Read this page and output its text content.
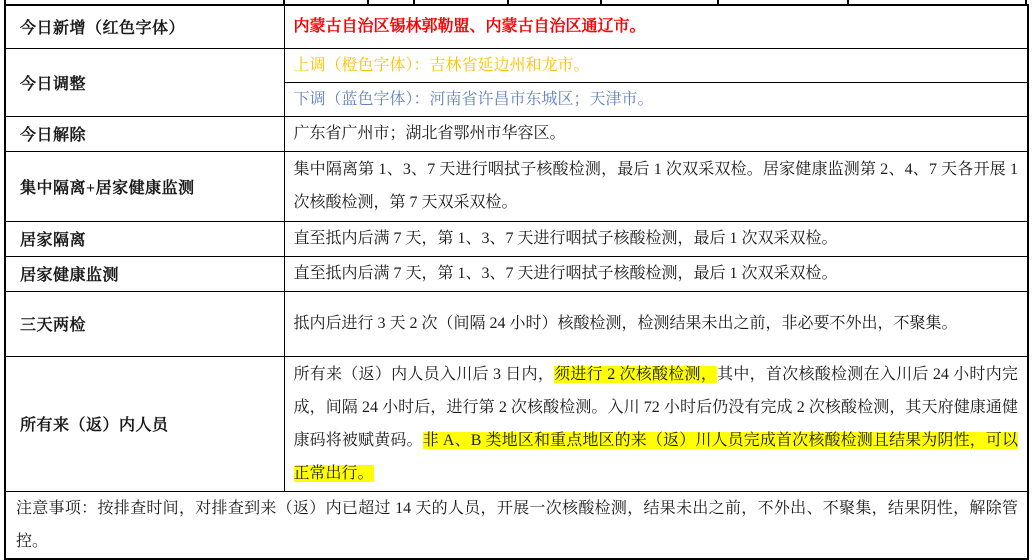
今日新增（红色字体）	内蒙古自治区锡林郭勒盟、内蒙古自治区通辽市。
今日调整	上调（橙色字体）：吉林省延边州和龙市。
	下调（蓝色字体）：河南省许昌市东城区；天津市。
今日解除	广东省广州市；湖北省鄂州市华容区。
集中隔离+居家健康监测	集中隔离第 1、3、7 天进行咽拭子核酸检测，最后 1 次双采双检。居家健康监测第 2、4、7 天各开展 1 次核酸检测，第 7 天双采双检。
居家隔离	直至抵内后满 7 天，第 1、3、7 天进行咽拭子核酸检测，最后 1 次双采双检。
居家健康监测	直至抵内后满 7 天，第 1、3、7 天进行咽拭子核酸检测，最后 1 次双采双检。
三天两检	抵内后进行 3 天 2 次（间隔 24 小时）核酸检测，检测结果未出之前，非必要不外出，不聚集。
所有来（返）内人员	所有来（返）内人员入川后 3 日内，须进行 2 次核酸检测，其中，首次核酸检测在入川后 24 小时内完成，间隔 24 小时后，进行第 2 次核酸检测。入川 72 小时后仍没有完成 2 次核酸检测，其天府健康通健康码将被赋黄码。非 A、B 类地区和重点地区的来（返）川人员完成首次核酸检测且结果为阴性，可以正常出行。
注意事项：按排查时间，对排查到来（返）内已超过 14 天的人员，开展一次核酸检测，结果未出之前，不外出、不聚集，结果阴性，解除管控。	
